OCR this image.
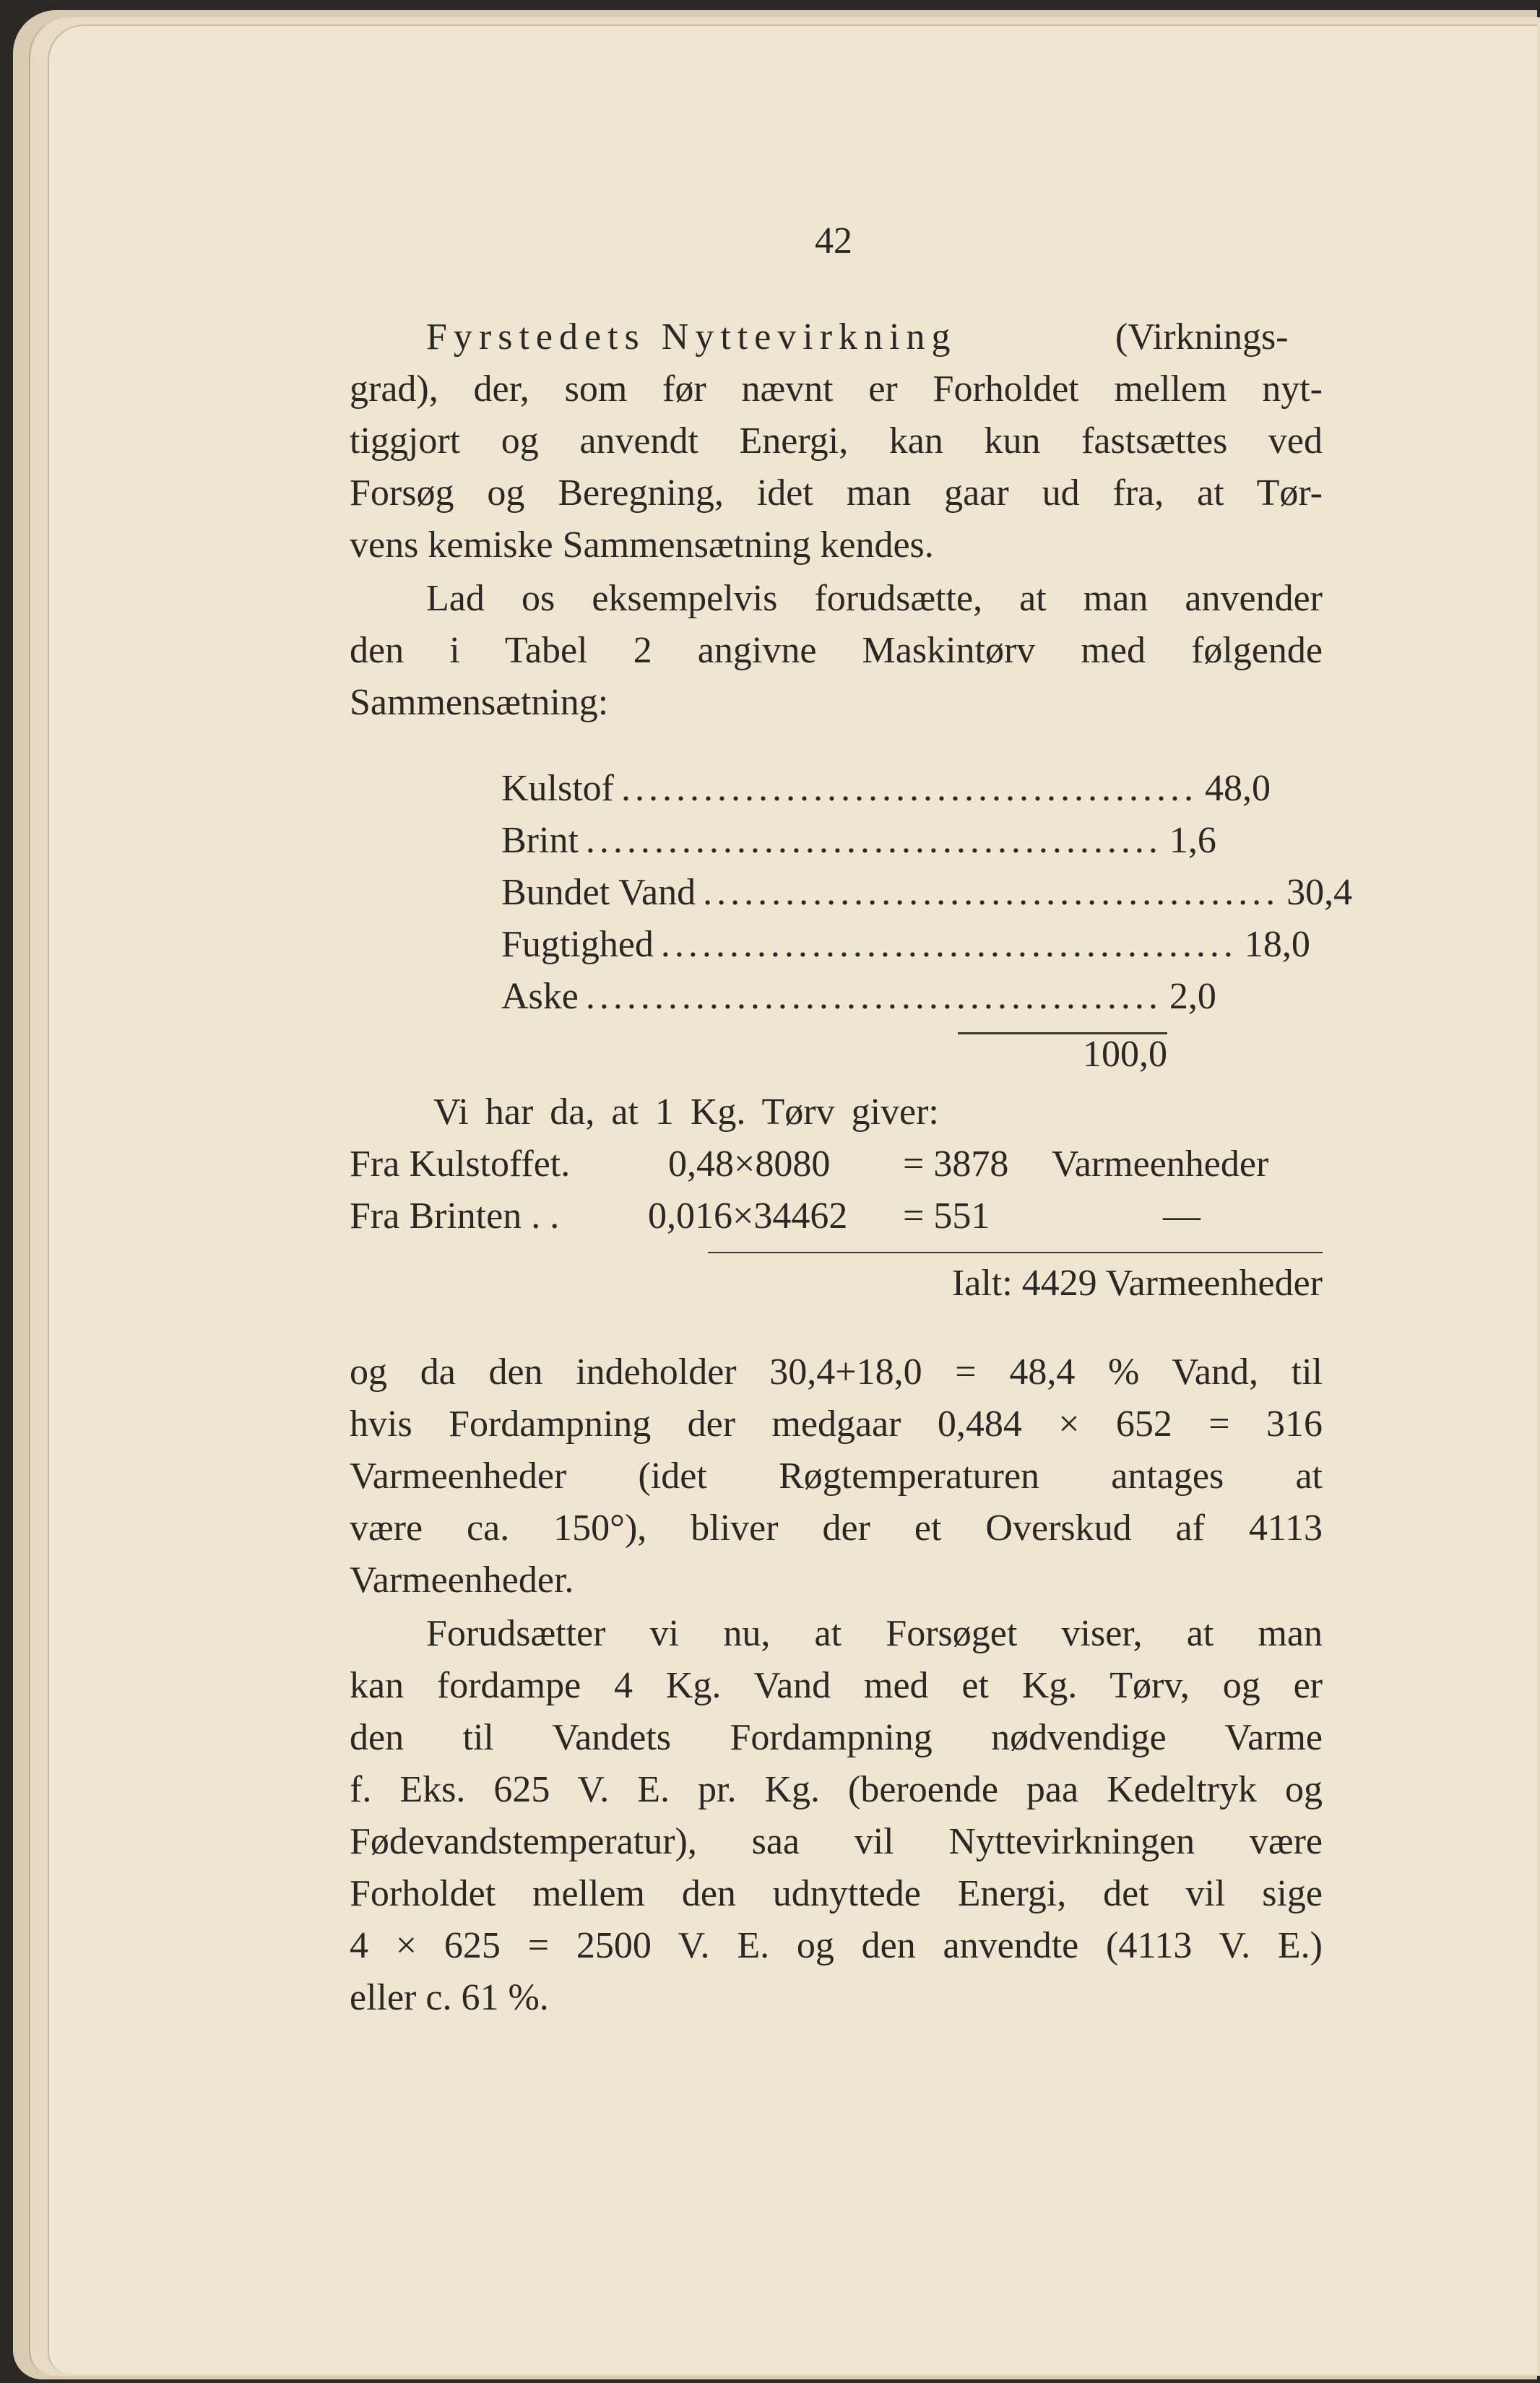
42
Fyrstedets Nyttevirkning	(Virknings-
grad), der, som før nævnt er Forholdet mellem nyt-
tiggjort og anvendt Energi, kan kun fastsættes ved
Forsøg og Beregning, idet man gaar ud fra, at Tør-
vens kemiske Sammensætning kendes.
Lad os eksempelvis forudsætte, at man anvender
den i Tabel 2 angivne Maskintørv med følgende
Sammensætning:
Kulstof .......................................... 48,0
Brint .......................................... 1,6
Bundet Vand .......................................... 30,4
Fugtighed .......................................... 18,0
Aske .......................................... 2,0
100,0
Vi har da, at 1 Kg. Tørv giver:
Fra Kulstoffet.	0,48×8080 = 3878 Varmeenheder
Fra Brinten . . 0,016×34462 = 551	—
Ialt: 4429 Varmeenheder
og da den indeholder 30,4+18,0 = 48,4 % Vand, til
hvis Fordampning der medgaar 0,484 × 652 = 316
Varmeenheder (idet Røgtemperaturen antages at
være ca. 150°), bliver der et Overskud af 4113
Varmeenheder.
Forudsætter vi nu, at Forsøget viser, at man
kan fordampe 4 Kg. Vand med et Kg. Tørv, og er
den til Vandets Fordampning nødvendige Varme
f. Eks. 625 V. E. pr. Kg. (beroende paa Kedeltryk og
Fødevandstemperatur), saa vil Nyttevirkningen være
Forholdet mellem den udnyttede Energi, det vil sige
4 × 625 = 2500 V. E. og den anvendte (4113 V. E.)
eller c. 61 %.
